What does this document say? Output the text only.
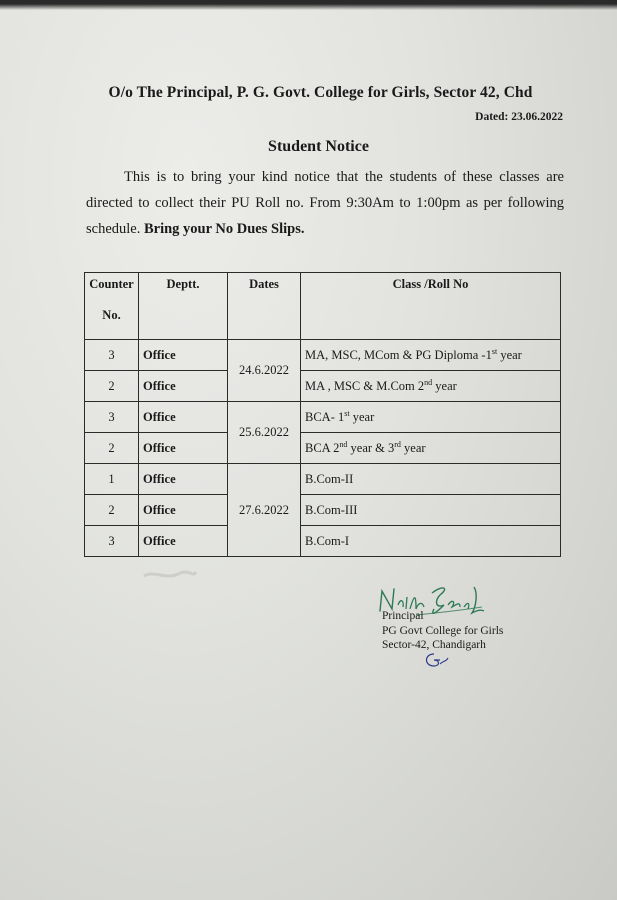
O/o The Principal, P. G. Govt. College for Girls, Sector 42, Chd
Dated: 23.06.2022
Student Notice
This is to bring your kind notice that the students of these classes are directed to collect their PU Roll no. From 9:30Am to 1:00pm as per following schedule. Bring your No Dues Slips.
Counter
No.	Deptt.	Dates	Class /Roll No
3	Office	24.6.2022	MA, MSC, MCom & PG Diploma -1st year
2	Office		MA , MSC & M.Com 2nd year
3	Office	25.6.2022	BCA- 1st year
2	Office		BCA 2nd year & 3rd year
1	Office	27.6.2022	B.Com-II
2	Office		B.Com-III
3	Office		B.Com-I
Principal
PG Govt College for Girls
Sector-42, Chandigarh
